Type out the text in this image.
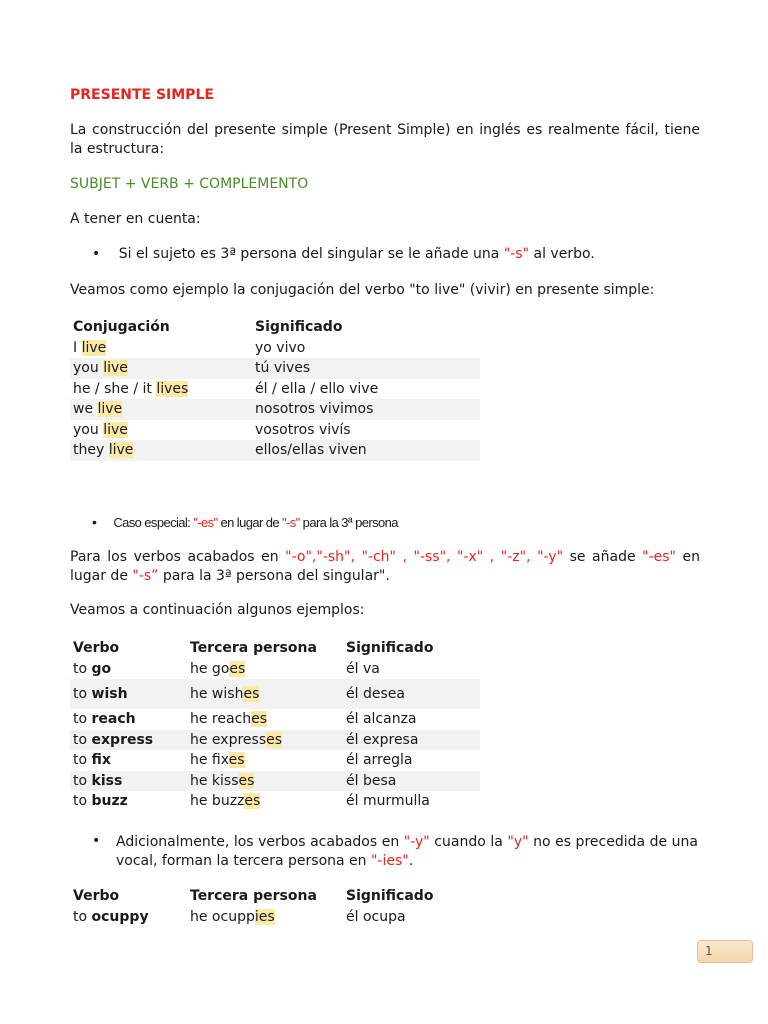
PRESENTE SIMPLE
La construcción del presente simple (Present Simple) en inglés es realmente fácil, tiene la estructura:
SUBJET + VERB + COMPLEMENTO
A tener en cuenta:
• Si el sujeto es 3ª persona del singular se le añade una "-s" al verbo.
Veamos como ejemplo la conjugación del verbo "to live" (vivir) en presente simple:
Conjugación	Significado
I live	yo vivo
you live	tú vives
he / she / it lives	él / ella / ello vive
we live	nosotros vivimos
you live	vosotros vivís
they live	ellos/ellas viven
• Caso especial: "-es" en lugar de "-s" para la 3ª persona
Para los verbos acabados en "-o","-sh", "-ch" , "-ss", "-x" , "-z", "-y" se añade "-es" en lugar de "-s” para la 3ª persona del singular".
Veamos a continuación algunos ejemplos:
Verbo	Tercera persona	Significado
to go	he goes	él va
to wish	he wishes	él desea
to reach	he reaches	él alcanza
to express	he expresses	él expresa
to fix	he fixes	él arregla
to kiss	he kisses	él besa
to buzz	he buzzes	él murmulla
• Adicionalmente, los verbos acabados en "-y" cuando la "y" no es precedida de una vocal, forman la tercera persona en "-ies".
Verbo	Tercera persona	Significado
to ocuppy	he ocuppies	él ocupa
1
